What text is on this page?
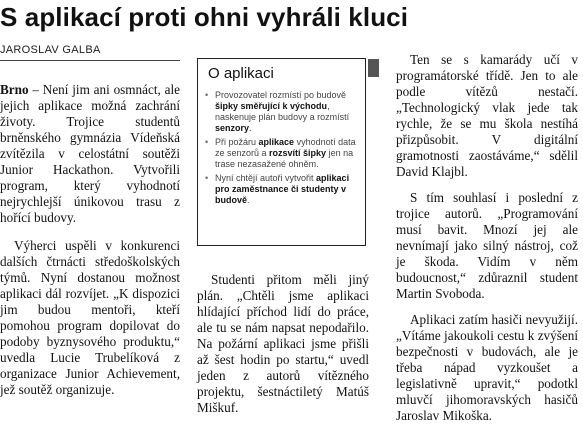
S aplikací proti ohni vyhráli kluci
JAROSLAV GALBA

Brno – Není jim ani osmnáct, ale jejich aplikace možná zachrání životy. Trojice studentů brněnského gymnázia Vídeňská zvítězila v celostátní soutěži Junior Hackathon. Vytvořili program, který vyhodnotí nejrychlejší únikovou trasu z hořící budovy.

Výherci uspěli v konkurenci dalších čtrnácti středoškolských týmů. Nyní dostanou možnost aplikaci dál rozvíjet. „K dispozici jim budou mentoři, kteří pomohou program dopilovat do podoby byznysového produktu,“ uvedla Lucie Trubelíková z organizace Junior Achievement, jež soutěž organizuje.

O aplikaci
• Provozovatel rozmístí po budově šipky směřující k východu, naskenuje plán budovy a rozmístí senzory.
• Při požáru aplikace vyhodnotí data ze senzorů a rozsvítí šipky jen na trase nezasažené ohněm.
• Nyní chtějí autoři vytvořit aplikaci pro zaměstnance či studenty v budově.

Studenti přitom měli jiný plán. „Chtěli jsme aplikaci hlídající příchod lidí do práce, ale tu se nám napsat nepodařilo. Na požární aplikaci jsme přišli až šest hodin po startu,“ uvedl jeden z autorů vítězného projektu, šestnáctiletý Matúš Miškuf.

Ten se s kamarády učí v programátorské třídě. Jen to ale podle vítězů nestačí. „Technologický vlak jede tak rychle, že se mu škola nestíhá přizpůsobit. V digitální gramotnosti zaostáváme,“ sdělil David Klajbl.

S tím souhlasí i poslední z trojice autorů. „Programování musí bavit. Mnozí jej ale nevnímají jako silný nástroj, což je škoda. Vidím v něm budoucnost,“ zdůraznil student Martin Svoboda.

Aplikaci zatím hasiči nevyužijí. „Vítáme jakoukoli cestu k zvýšení bezpečnosti v budovách, ale je třeba nápad vyzkoušet a legislativně upravit,“ podotkl mluvčí jihomoravských hasičů Jaroslav Mikoška.
